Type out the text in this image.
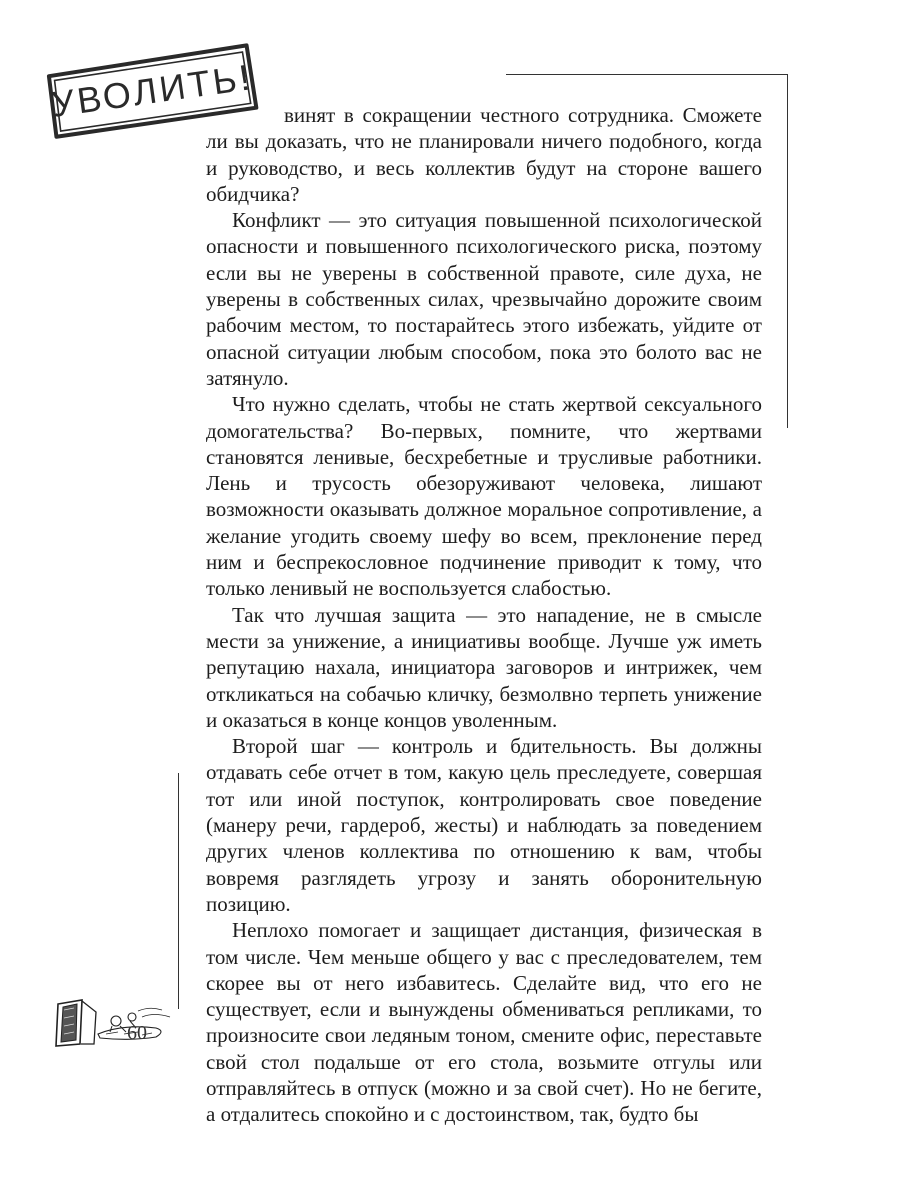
УВОЛИТЬ!
60

винят в сокращении честного сотрудника. Сможете ли вы доказать, что не планировали ничего подобного, когда и руководство, и весь коллектив будут на стороне вашего обидчика?

Конфликт — это ситуация повышенной психологической опасности и повышенного психологического риска, поэтому если вы не уверены в собственной правоте, силе духа, не уверены в собственных силах, чрезвычайно дорожите своим рабочим местом, то постарайтесь этого избежать, уйдите от опасной ситуации любым способом, пока это болото вас не затянуло.

Что нужно сделать, чтобы не стать жертвой сексуального домогательства? Во-первых, помните, что жертвами становятся ленивые, бесхребетные и трусливые работники. Лень и трусость обезоруживают человека, лишают возможности оказывать должное моральное сопротивление, а желание угодить своему шефу во всем, преклонение перед ним и беспрекословное подчинение приводит к тому, что только ленивый не воспользуется слабостью.

Так что лучшая защита — это нападение, не в смысле мести за унижение, а инициативы вообще. Лучше уж иметь репутацию нахала, инициатора заговоров и интрижек, чем откликаться на собачью кличку, безмолвно терпеть унижение и оказаться в конце концов уволенным.

Второй шаг — контроль и бдительность. Вы должны отдавать себе отчет в том, какую цель преследуете, совершая тот или иной поступок, контролировать свое поведение (манеру речи, гардероб, жесты) и наблюдать за поведением других членов коллектива по отношению к вам, чтобы вовремя разглядеть угрозу и занять оборонительную позицию.

Неплохо помогает и защищает дистанция, физическая в том числе. Чем меньше общего у вас с преследователем, тем скорее вы от него избавитесь. Сделайте вид, что его не существует, если и вынуждены обмениваться репликами, то произносите свои ледяным тоном, смените офис, переставьте свой стол подальше от его стола, возьмите отгулы или отправляйтесь в отпуск (можно и за свой счет). Но не бегите, а отдалитесь спокойно и с достоинством, так, будто бы
